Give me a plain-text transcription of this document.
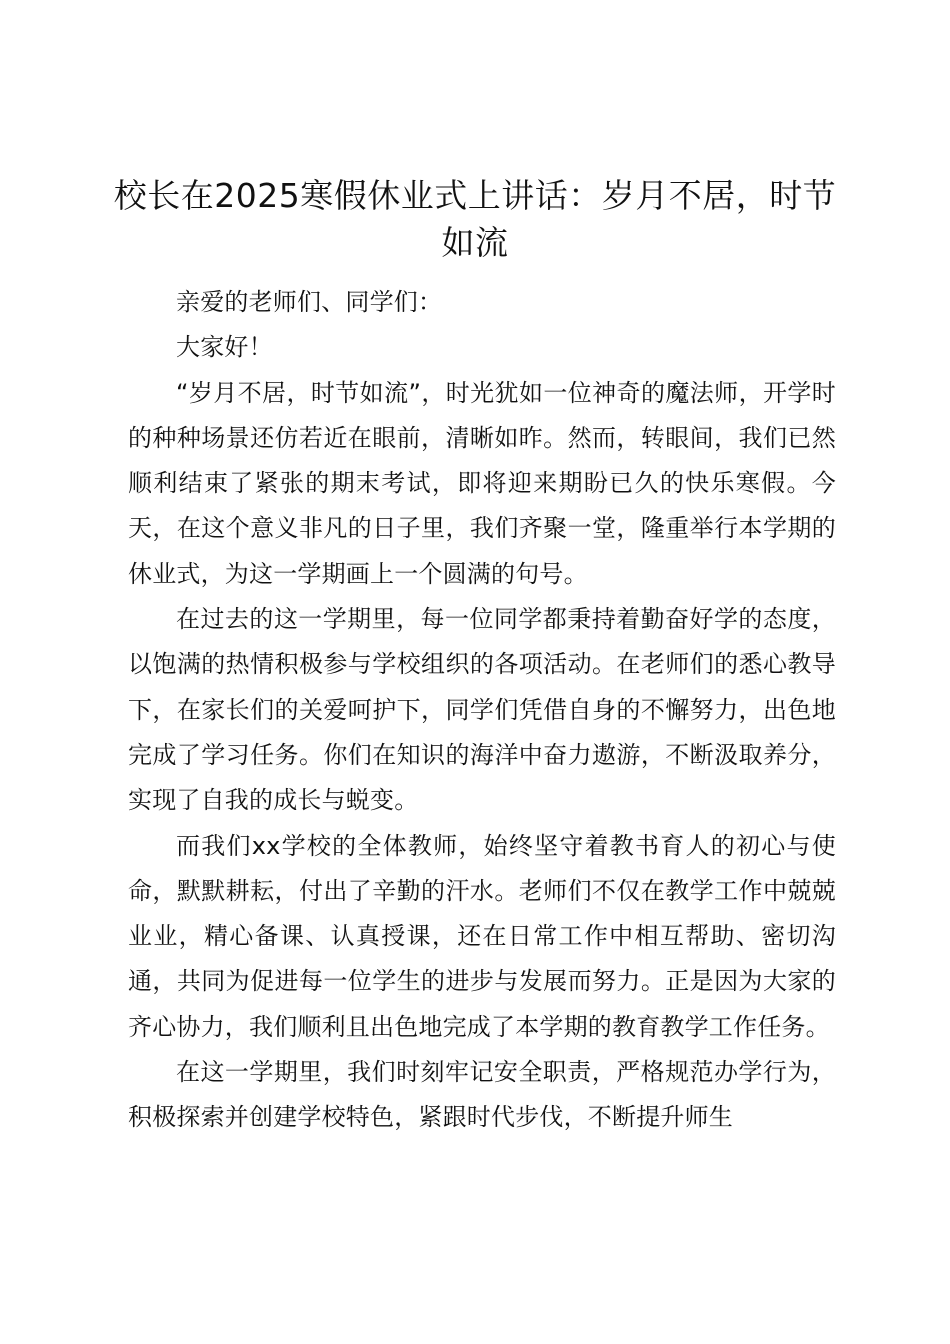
校长在2025寒假休业式上讲话：岁月不居，时节如流

亲爱的老师们、同学们：

大家好！

“岁月不居，时节如流”，时光犹如一位神奇的魔法师，开学时的种种场景还仿若近在眼前，清晰如昨。然而，转眼间，我们已然顺利结束了紧张的期末考试，即将迎来期盼已久的快乐寒假。今天，在这个意义非凡的日子里，我们齐聚一堂，隆重举行本学期的休业式，为这一学期画上一个圆满的句号。

在过去的这一学期里，每一位同学都秉持着勤奋好学的态度，以饱满的热情积极参与学校组织的各项活动。在老师们的悉心教导下，在家长们的关爱呵护下，同学们凭借自身的不懈努力，出色地完成了学习任务。你们在知识的海洋中奋力遨游，不断汲取养分，实现了自我的成长与蜕变。

而我们xx学校的全体教师，始终坚守着教书育人的初心与使命，默默耕耘，付出了辛勤的汗水。老师们不仅在教学工作中兢兢业业，精心备课、认真授课，还在日常工作中相互帮助、密切沟通，共同为促进每一位学生的进步与发展而努力。正是因为大家的齐心协力，我们顺利且出色地完成了本学期的教育教学工作任务。

在这一学期里，我们时刻牢记安全职责，严格规范办学行为，积极探索并创建学校特色，紧跟时代步伐，不断提升师生
